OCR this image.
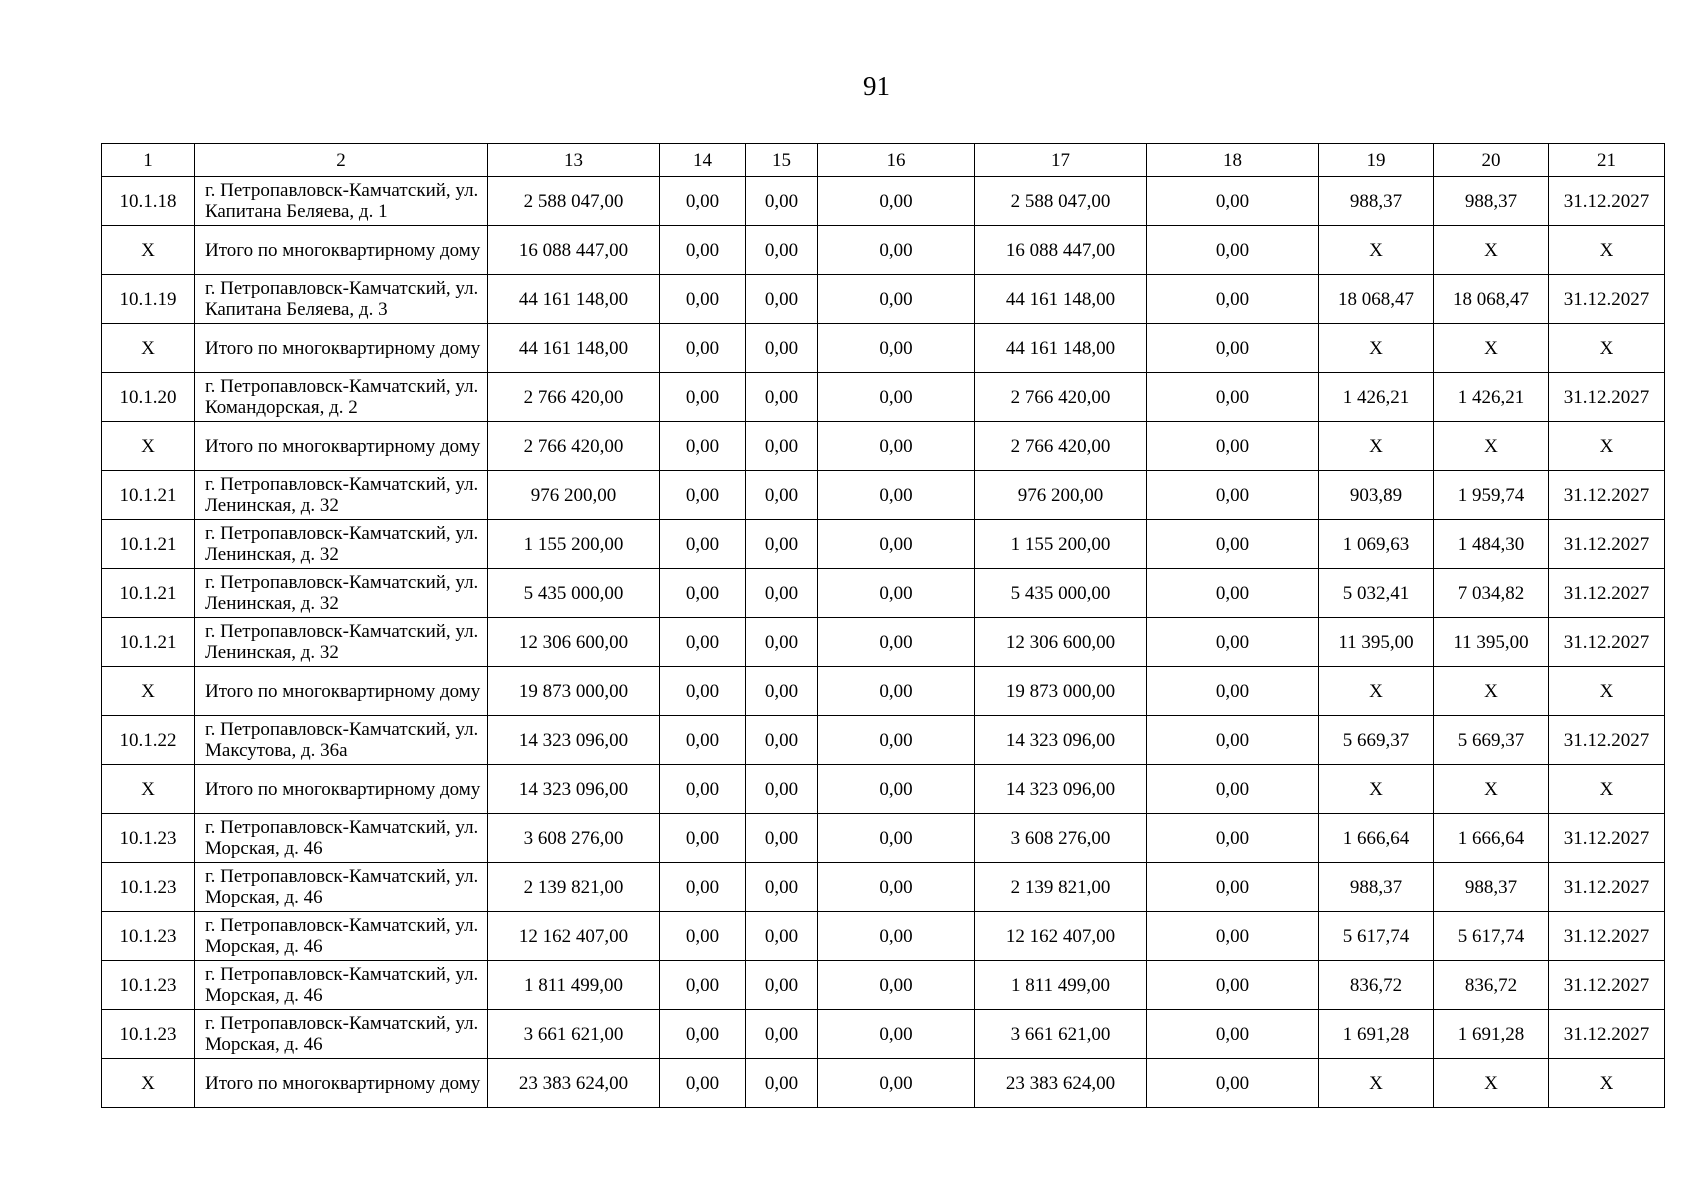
91
1	2	13	14	15	16	17	18	19	20	21
10.1.18	г. Петропавловск-Камчатский, ул. Капитана Беляева, д. 1	2 588 047,00	0,00	0,00	0,00	2 588 047,00	0,00	988,37	988,37	31.12.2027
X	Итого по многоквартирному дому	16 088 447,00	0,00	0,00	0,00	16 088 447,00	0,00	X	X	X
10.1.19	г. Петропавловск-Камчатский, ул. Капитана Беляева, д. 3	44 161 148,00	0,00	0,00	0,00	44 161 148,00	0,00	18 068,47	18 068,47	31.12.2027
X	Итого по многоквартирному дому	44 161 148,00	0,00	0,00	0,00	44 161 148,00	0,00	X	X	X
10.1.20	г. Петропавловск-Камчатский, ул. Командорская, д. 2	2 766 420,00	0,00	0,00	0,00	2 766 420,00	0,00	1 426,21	1 426,21	31.12.2027
X	Итого по многоквартирному дому	2 766 420,00	0,00	0,00	0,00	2 766 420,00	0,00	X	X	X
10.1.21	г. Петропавловск-Камчатский, ул. Ленинская, д. 32	976 200,00	0,00	0,00	0,00	976 200,00	0,00	903,89	1 959,74	31.12.2027
10.1.21	г. Петропавловск-Камчатский, ул. Ленинская, д. 32	1 155 200,00	0,00	0,00	0,00	1 155 200,00	0,00	1 069,63	1 484,30	31.12.2027
10.1.21	г. Петропавловск-Камчатский, ул. Ленинская, д. 32	5 435 000,00	0,00	0,00	0,00	5 435 000,00	0,00	5 032,41	7 034,82	31.12.2027
10.1.21	г. Петропавловск-Камчатский, ул. Ленинская, д. 32	12 306 600,00	0,00	0,00	0,00	12 306 600,00	0,00	11 395,00	11 395,00	31.12.2027
X	Итого по многоквартирному дому	19 873 000,00	0,00	0,00	0,00	19 873 000,00	0,00	X	X	X
10.1.22	г. Петропавловск-Камчатский, ул. Максутова, д. 36а	14 323 096,00	0,00	0,00	0,00	14 323 096,00	0,00	5 669,37	5 669,37	31.12.2027
X	Итого по многоквартирному дому	14 323 096,00	0,00	0,00	0,00	14 323 096,00	0,00	X	X	X
10.1.23	г. Петропавловск-Камчатский, ул. Морская, д. 46	3 608 276,00	0,00	0,00	0,00	3 608 276,00	0,00	1 666,64	1 666,64	31.12.2027
10.1.23	г. Петропавловск-Камчатский, ул. Морская, д. 46	2 139 821,00	0,00	0,00	0,00	2 139 821,00	0,00	988,37	988,37	31.12.2027
10.1.23	г. Петропавловск-Камчатский, ул. Морская, д. 46	12 162 407,00	0,00	0,00	0,00	12 162 407,00	0,00	5 617,74	5 617,74	31.12.2027
10.1.23	г. Петропавловск-Камчатский, ул. Морская, д. 46	1 811 499,00	0,00	0,00	0,00	1 811 499,00	0,00	836,72	836,72	31.12.2027
10.1.23	г. Петропавловск-Камчатский, ул. Морская, д. 46	3 661 621,00	0,00	0,00	0,00	3 661 621,00	0,00	1 691,28	1 691,28	31.12.2027
X	Итого по многоквартирному дому	23 383 624,00	0,00	0,00	0,00	23 383 624,00	0,00	X	X	X
